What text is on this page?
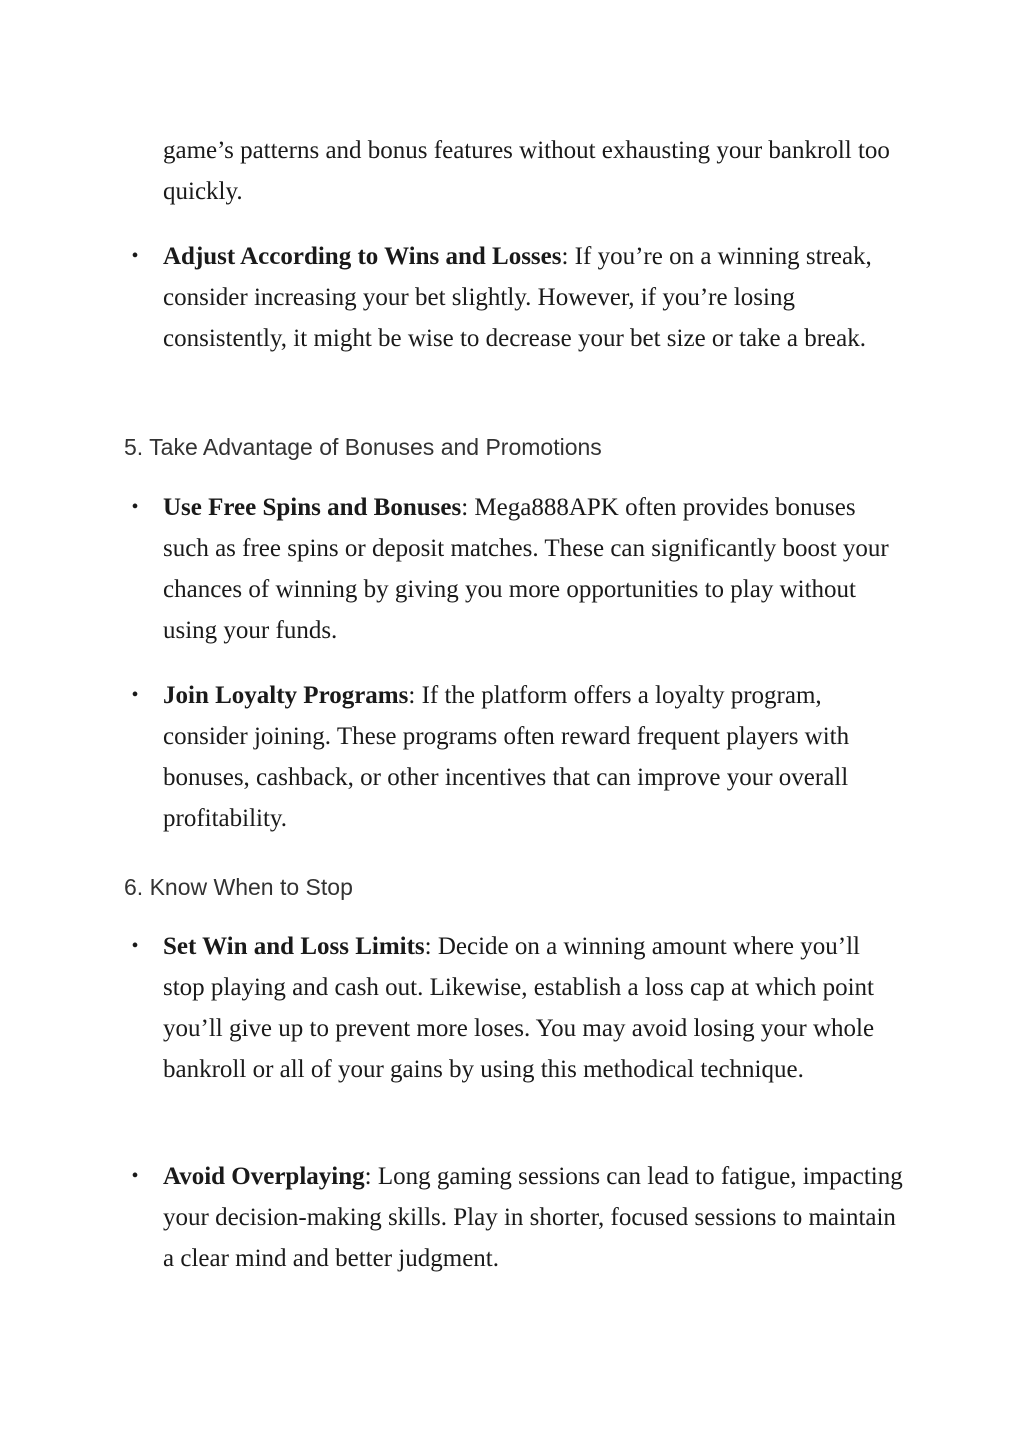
game’s patterns and bonus features without exhausting your bankroll too quickly.

• Adjust According to Wins and Losses: If you’re on a winning streak, consider increasing your bet slightly. However, if you’re losing consistently, it might be wise to decrease your bet size or take a break.

5. Take Advantage of Bonuses and Promotions
• Use Free Spins and Bonuses: Mega888APK often provides bonuses such as free spins or deposit matches. These can significantly boost your chances of winning by giving you more opportunities to play without using your funds.

• Join Loyalty Programs: If the platform offers a loyalty program, consider joining. These programs often reward frequent players with bonuses, cashback, or other incentives that can improve your overall profitability.

6. Know When to Stop
• Set Win and Loss Limits: Decide on a winning amount where you’ll stop playing and cash out. Likewise, establish a loss cap at which point you’ll give up to prevent more loses. You may avoid losing your whole bankroll or all of your gains by using this methodical technique.

• Avoid Overplaying: Long gaming sessions can lead to fatigue, impacting your decision-making skills. Play in shorter, focused sessions to maintain a clear mind and better judgment.
